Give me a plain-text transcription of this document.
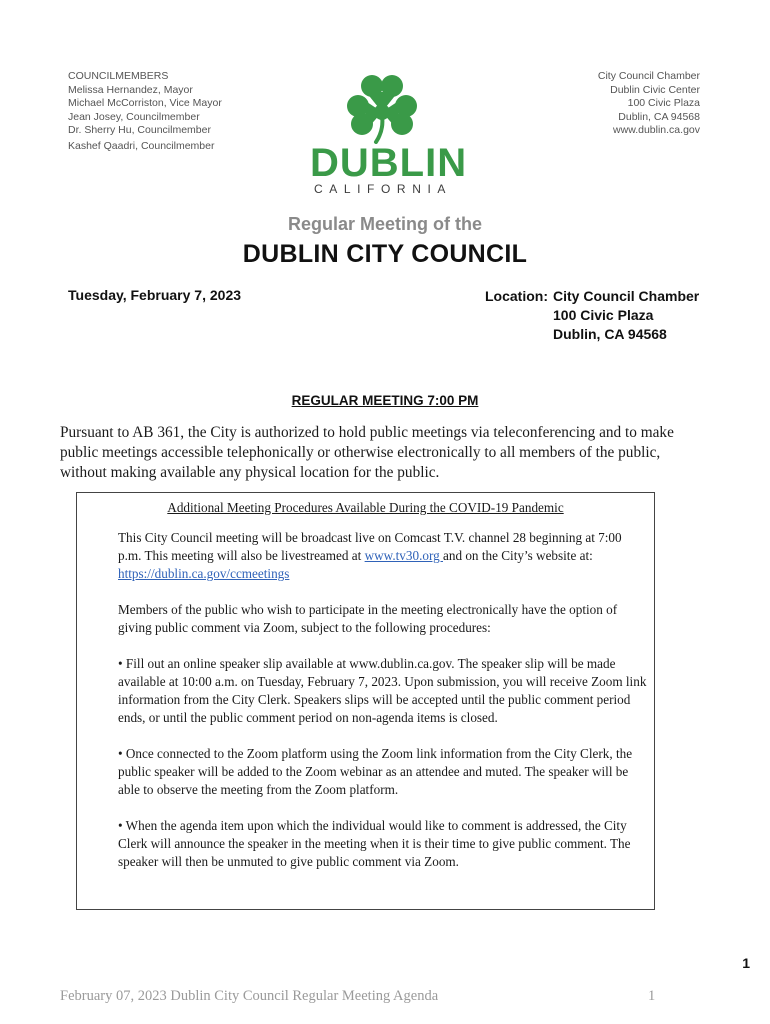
COUNCILMEMBERS
Melissa Hernandez, Mayor
Michael McCorriston, Vice Mayor
Jean Josey, Councilmember
Dr. Sherry Hu, Councilmember
Kashef Qaadri, Councilmember
City Council Chamber
Dublin Civic Center
100 Civic Plaza
Dublin, CA 94568
www.dublin.ca.gov
DUBLIN
CALIFORNIA
Regular Meeting of the
DUBLIN CITY COUNCIL
Tuesday, February 7, 2023	Location: City Council Chamber
100 Civic Plaza
Dublin, CA 94568
REGULAR MEETING 7:00 PM
Pursuant to AB 361, the City is authorized to hold public meetings via teleconferencing and to make public meetings accessible telephonically or otherwise electronically to all members of the public, without making available any physical location for the public.
Additional Meeting Procedures Available During the COVID-19 Pandemic

This City Council meeting will be broadcast live on Comcast T.V. channel 28 beginning at 7:00 p.m. This meeting will also be livestreamed at www.tv30.org and on the City’s website at: https://dublin.ca.gov/ccmeetings

Members of the public who wish to participate in the meeting electronically have the option of giving public comment via Zoom, subject to the following procedures:

• Fill out an online speaker slip available at www.dublin.ca.gov. The speaker slip will be made available at 10:00 a.m. on Tuesday, February 7, 2023. Upon submission, you will receive Zoom link information from the City Clerk. Speakers slips will be accepted until the public comment period ends, or until the public comment period on non-agenda items is closed.

• Once connected to the Zoom platform using the Zoom link information from the City Clerk, the public speaker will be added to the Zoom webinar as an attendee and muted. The speaker will be able to observe the meeting from the Zoom platform.

• When the agenda item upon which the individual would like to comment is addressed, the City Clerk will announce the speaker in the meeting when it is their time to give public comment. The speaker will then be unmuted to give public comment via Zoom.

February 07, 2023 Dublin City Council Regular Meeting Agenda	1
1
